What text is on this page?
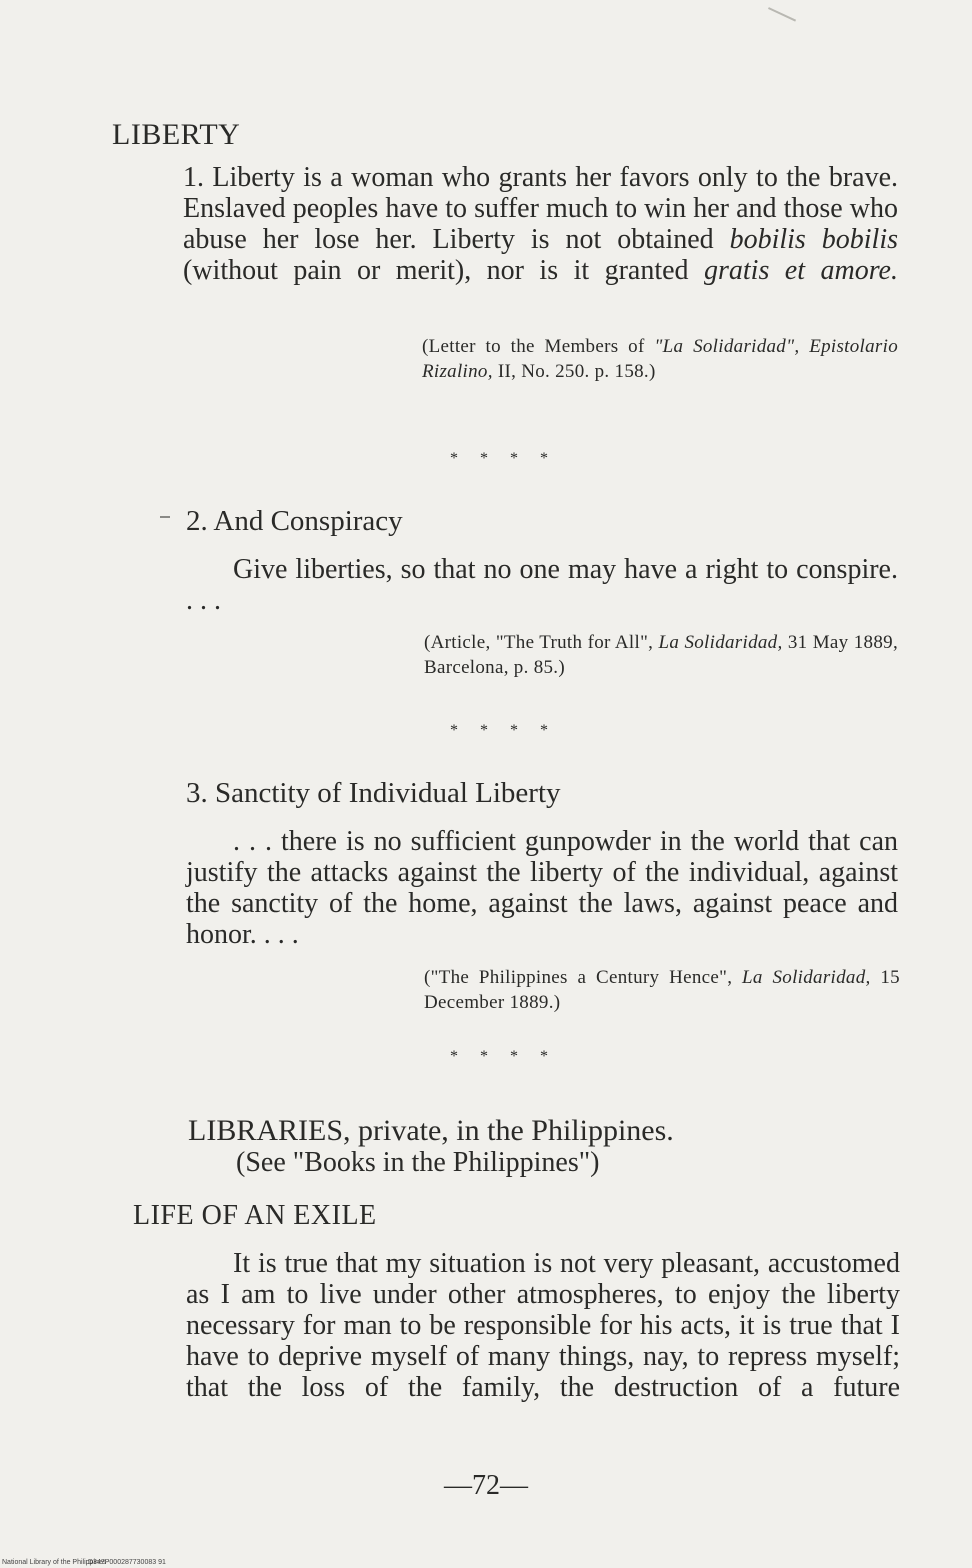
LIBERTY

1. Liberty is a woman who grants her favors only to the brave. Enslaved peoples have to suffer much to win her and those who abuse her lose her. Liberty is not obtained bobilis bobilis (without pain or merit), nor is it granted gratis et amore.

(Letter to the Members of "La Solidaridad", Epistolario Rizalino, II, No. 250. p. 158.)

* * * *

2. And Conspiracy

Give liberties, so that no one may have a right to conspire. . . .

(Article, "The Truth for All", La Solidaridad, 31 May 1889, Barcelona, p. 85.)

* * * *

3. Sanctity of Individual Liberty

. . . there is no sufficient gunpowder in the world that can justify the attacks against the liberty of the individual, against the sanctity of the home, against the laws, against peace and honor. . . .

("The Philippines a Century Hence", La Solidaridad, 15 December 1889.)

* * * *

LIBRARIES, private, in the Philippines.

(See "Books in the Philippines")

LIFE OF AN EXILE

It is true that my situation is not very pleasant, accustomed as I am to live under other atmospheres, to enjoy the liberty necessary for man to be responsible for his acts, it is true that I have to deprive myself of many things, nay, to repress myself; that the loss of the family, the destruction of a future

—72—

National Library of the Philippines

D347P000287730083 91
